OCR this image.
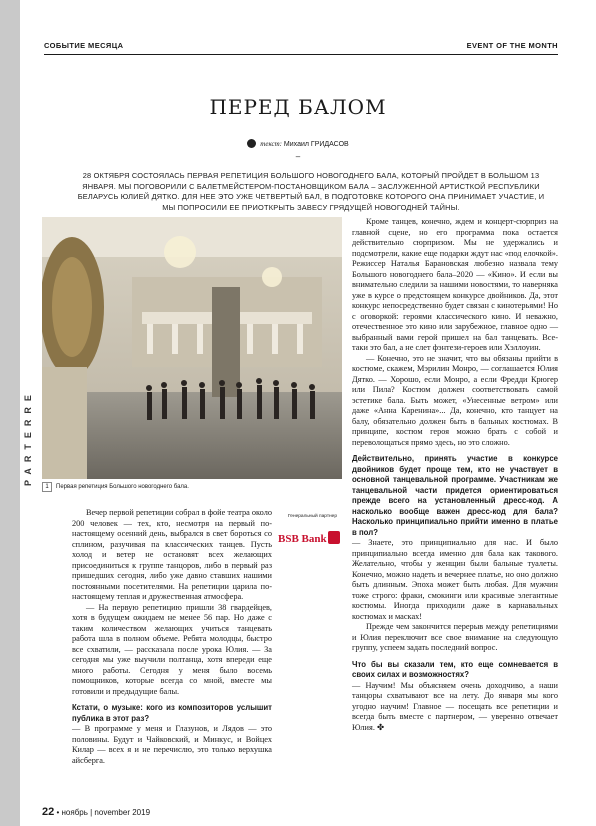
СОБЫТИЕ МЕСЯЦА	EVENT OF THE MONTH
PARTERRE
ПЕРЕД БАЛОМ
текст: Михаил ГРИДАСОВ
–
28 ОКТЯБРЯ СОСТОЯЛАСЬ ПЕРВАЯ РЕПЕТИЦИЯ БОЛЬШОГО НОВОГОДНЕГО БАЛА, КОТОРЫЙ ПРОЙДЕТ В БОЛЬШОМ 13 ЯНВАРЯ. МЫ ПОГОВОРИЛИ С БАЛЕТМЕЙСТЕРОМ-ПОСТАНОВЩИКОМ БАЛА – ЗАСЛУЖЕННОЙ АРТИСТКОЙ РЕСПУБЛИКИ БЕЛАРУСЬ ЮЛИЕЙ ДЯТКО. ДЛЯ НЕЕ ЭТО УЖЕ ЧЕТВЕРТЫЙ БАЛ, В ПОДГОТОВКЕ КОТОРОГО ОНА ПРИНИМАЕТ УЧАСТИЕ, И МЫ ПОПРОСИЛИ ЕЕ ПРИОТКРЫТЬ ЗАВЕСУ ГРЯДУЩЕЙ НОВОГОДНЕЙ ТАЙНЫ.
1 Первая репетиция Большого новогоднего бала.

Вечер первой репетиции собрал в фойе театра около 200 человек — тех, кто, несмотря на первый по-настоящему осенний день, выбрался в свет бороться со сплином, разучивая па классических танцев. Пусть холод и ветер не остановят всех желающих присоединиться к группе танцоров, либо в первый раз пришедших сегодня, либо уже давно ставших нашими постоянными посетителями. На репетиции царила по-настоящему теплая и дружественная атмосфера.

— На первую репетицию пришли 38 гвардейцев, хотя в будущем ожидаем не менее 56 пар. Но даже с таким количеством желающих учиться танцевать работа шла в полном объеме. Ребята молодцы, быстро все схватили, — рассказала после урока Юлия. — За сегодня мы уже выучили полтанца, хотя впереди еще много работы. Сегодня у меня было восемь помощников, которые всегда со мной, вместе мы готовили и предыдущие балы.

Кстати, о музыке: кого из композиторов услышит публика в этот раз?

— В программе у меня и Глазунов, и Лядов — это половины. Будут и Чайковский, и Минкус, и Войцех Килар — всех я и не перечислю, это только верхушка айсберга.

Генеральный партнер
BSB Bank

Кроме танцев, конечно, ждем и концерт-сюрприз на главной сцене, но его программа пока остается действительно сюрпризом. Мы не удержались и подсмотрели, какие еще подарки ждут нас «под елочкой». Режиссер Наталья Барановская любезно назвала тему Большого новогоднего бала–2020 — «Кино». И если вы внимательно следили за нашими новостями, то наверняка уже в курсе о предстоящем конкурсе двойников. Да, этот конкурс непосредственно будет связан с кинотерьями! Но с оговоркой: героями классического кино. И неважно, отечественное это кино или зарубежное, главное одно — выбранный вами герой пришел на бал танцевать. Все-таки это бал, а не слет фэнтези-героев или Хэллоуин.

— Конечно, это не значит, что вы обязаны прийти в костюме, скажем, Мэрилин Монро, — соглашается Юлия Дятко. — Хорошо, если Монро, а если Фредди Крюгер или Пила? Костюм должен соответствовать самой эстетике бала. Быть может, «Унесенные ветром» или даже «Анна Каренина»... Да, конечно, кто танцует на балу, обязательно должен быть в бальных костюмах. В принципе, костюм героя можно брать с собой и переволощаться прямо здесь, но это сложно.

Действительно, принять участие в конкурсе двойников будет проще тем, кто не участвует в основной танцевальной программе. Участникам же танцевальной части придется ориентироваться прежде всего на установленный дресс-код. А насколько вообще важен дресс-код для бала? Насколько принципиально прийти именно в платье в пол?

— Знаете, это принципиально для нас. И было принципиально всегда именно для бала как такового. Желательно, чтобы у женщин были бальные туалеты. Конечно, можно надеть и вечернее платье, но оно должно быть длинным. Эпоха может быть любая. Для мужчин тоже строго: фраки, смокинги или красивые элегантные костюмы. Иногда приходили даже в карнавальных костюмах и масках!

Прежде чем закончится перерыв между репетициями и Юлия переключит все свое внимание на следующую группу, успеем задать последний вопрос.

Что бы вы сказали тем, кто еще сомневается в своих силах и возможностях?

— Научим! Мы объясняем очень доходчиво, а наши танцоры схватывают все на лету. До января мы кого угодно научим! Главное — посещать все репетиции и всегда быть вместе с партнером, — уверенно отвечает Юлия. ✤

22 • ноябрь | november 2019
